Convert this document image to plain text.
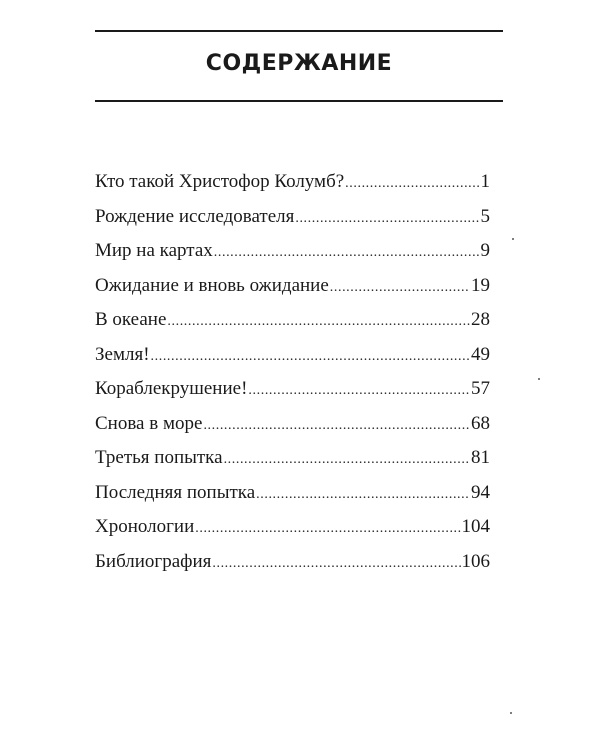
СОДЕРЖАНИЕ
Кто такой Христофор Колумб? .....	1
Рождение исследователя .....	5
Мир на картах .....	9
Ожидание и вновь ожидание .....	19
В океане .....	28
Земля! .....	49
Кораблекрушение! .....	57
Снова в море .....	68
Третья попытка .....	81
Последняя попытка .....	94
Хронологии .....	104
Библиография .....	106
